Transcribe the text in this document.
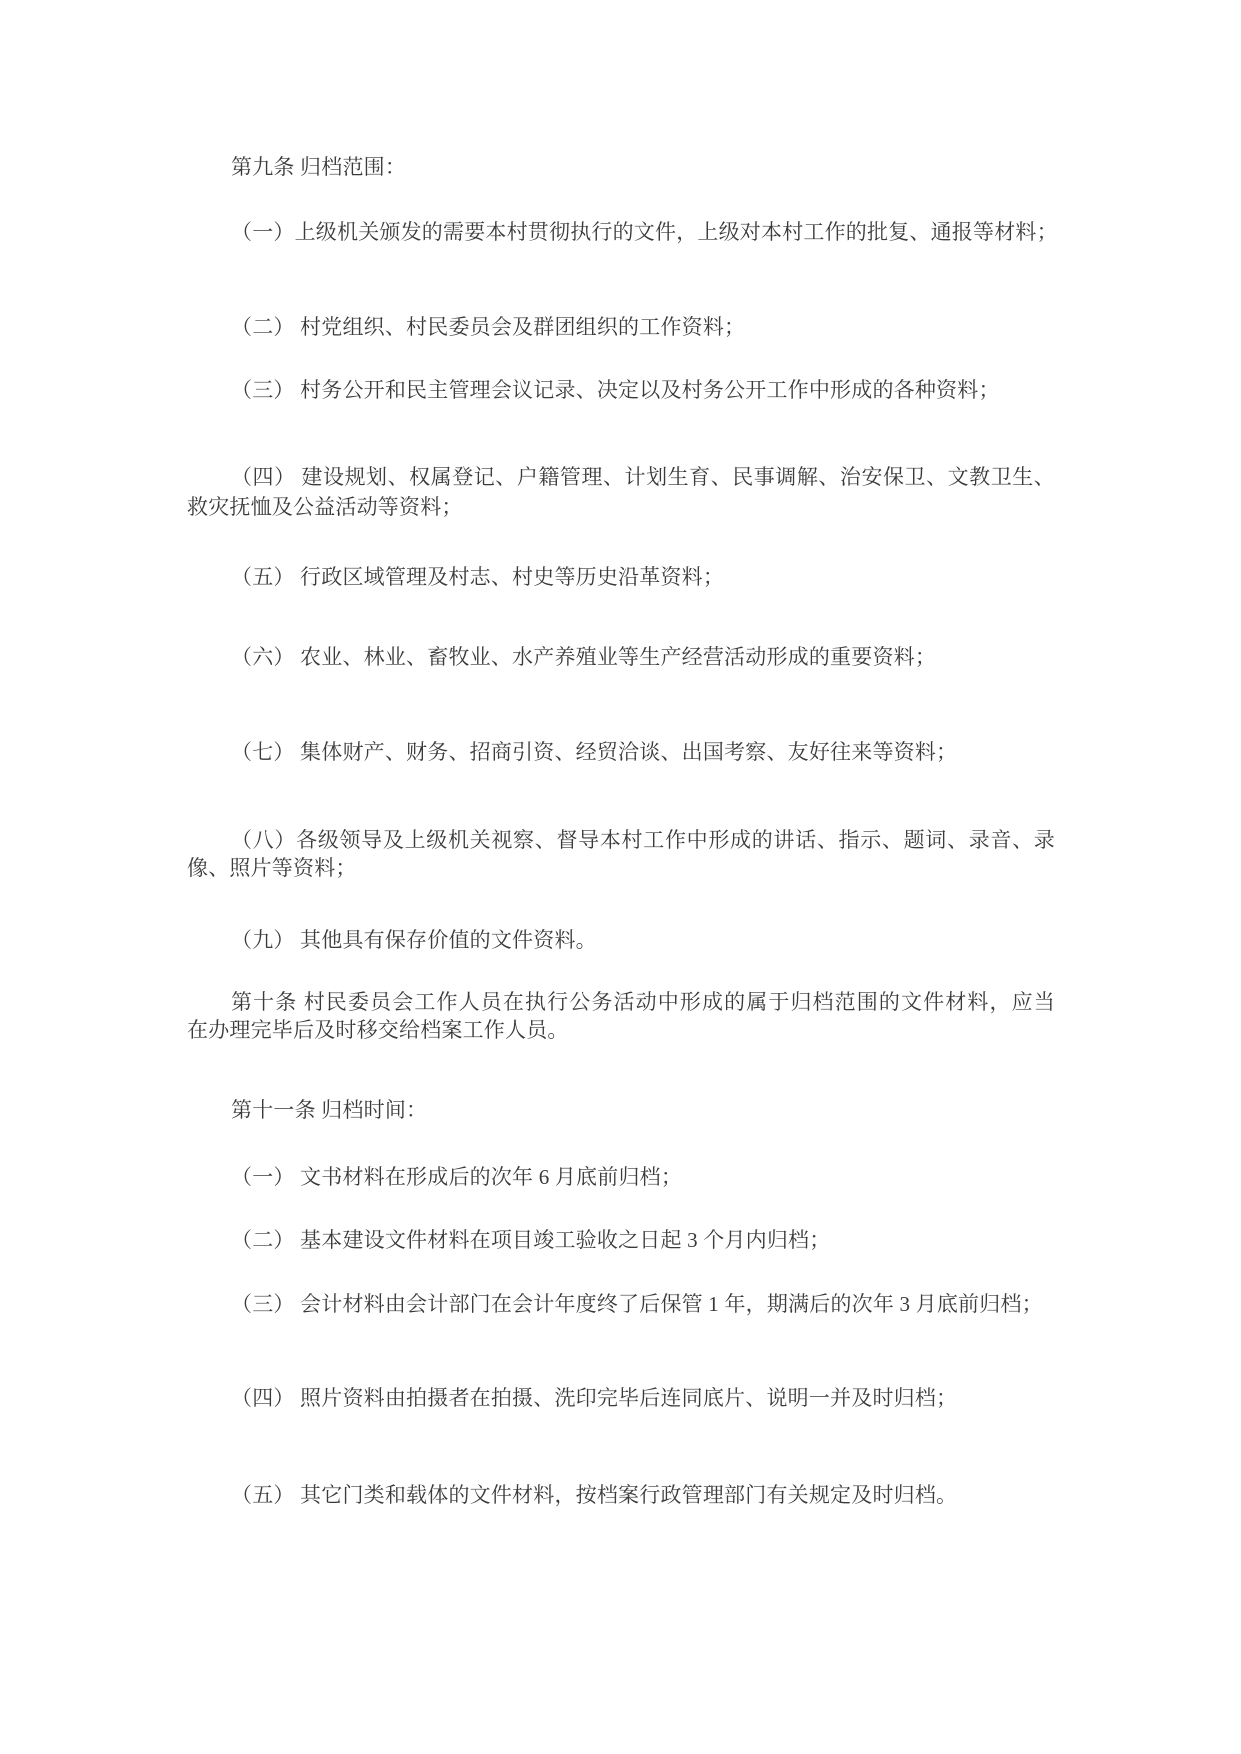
第九条 归档范围：
（一）上级机关颁发的需要本村贯彻执行的文件，上级对本村工作的批复、通报等材料；
（二） 村党组织、村民委员会及群团组织的工作资料；
（三） 村务公开和民主管理会议记录、决定以及村务公开工作中形成的各种资料；
（四） 建设规划、权属登记、户籍管理、计划生育、民事调解、治安保卫、文教卫生、
救灾抚恤及公益活动等资料；
（五） 行政区域管理及村志、村史等历史沿革资料；
（六） 农业、林业、畜牧业、水产养殖业等生产经营活动形成的重要资料；
（七） 集体财产、财务、招商引资、经贸洽谈、出国考察、友好往来等资料；
（八）各级领导及上级机关视察、督导本村工作中形成的讲话、指示、题词、录音、录
像、照片等资料；
（九） 其他具有保存价值的文件资料。
第十条 村民委员会工作人员在执行公务活动中形成的属于归档范围的文件材料，应当
在办理完毕后及时移交给档案工作人员。
第十一条 归档时间：
（一） 文书材料在形成后的次年 6 月底前归档；
（二） 基本建设文件材料在项目竣工验收之日起 3 个月内归档；
（三） 会计材料由会计部门在会计年度终了后保管 1 年，期满后的次年 3 月底前归档；
（四） 照片资料由拍摄者在拍摄、洗印完毕后连同底片、说明一并及时归档；
（五） 其它门类和载体的文件材料，按档案行政管理部门有关规定及时归档。
